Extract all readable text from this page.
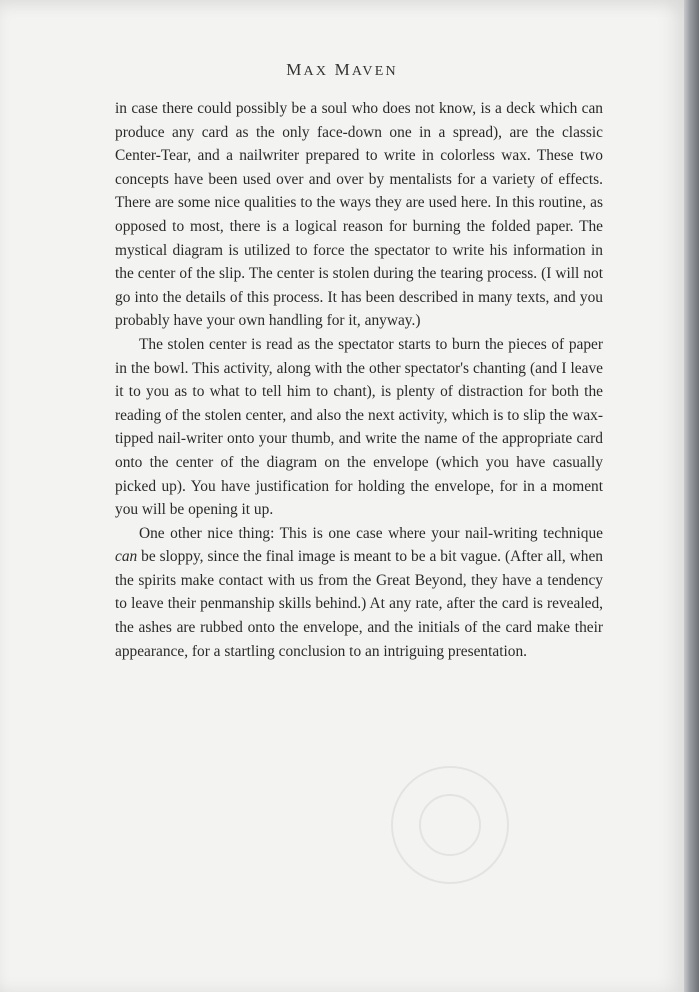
MAX MAVEN

in case there could possibly be a soul who does not know, is a deck which can produce any card as the only face-down one in a spread), are the classic Center-Tear, and a nailwriter prepared to write in colorless wax. These two concepts have been used over and over by mentalists for a variety of effects. There are some nice qualities to the ways they are used here. In this routine, as opposed to most, there is a logical reason for burning the folded paper. The mystical diagram is utilized to force the spectator to write his information in the center of the slip. The center is stolen during the tearing process. (I will not go into the details of this process. It has been described in many texts, and you probably have your own handling for it, anyway.)

The stolen center is read as the spectator starts to burn the pieces of paper in the bowl. This activity, along with the other spectator's chanting (and I leave it to you as to what to tell him to chant), is plenty of distraction for both the reading of the stolen center, and also the next activity, which is to slip the wax-tipped nail-writer onto your thumb, and write the name of the appropriate card onto the center of the diagram on the envelope (which you have casually picked up). You have justification for holding the envelope, for in a moment you will be opening it up.

One other nice thing: This is one case where your nail-writing technique can be sloppy, since the final image is meant to be a bit vague. (After all, when the spirits make contact with us from the Great Beyond, they have a tendency to leave their penmanship skills behind.) At any rate, after the card is revealed, the ashes are rubbed onto the envelope, and the initials of the card make their appearance, for a startling conclusion to an intriguing presentation.
